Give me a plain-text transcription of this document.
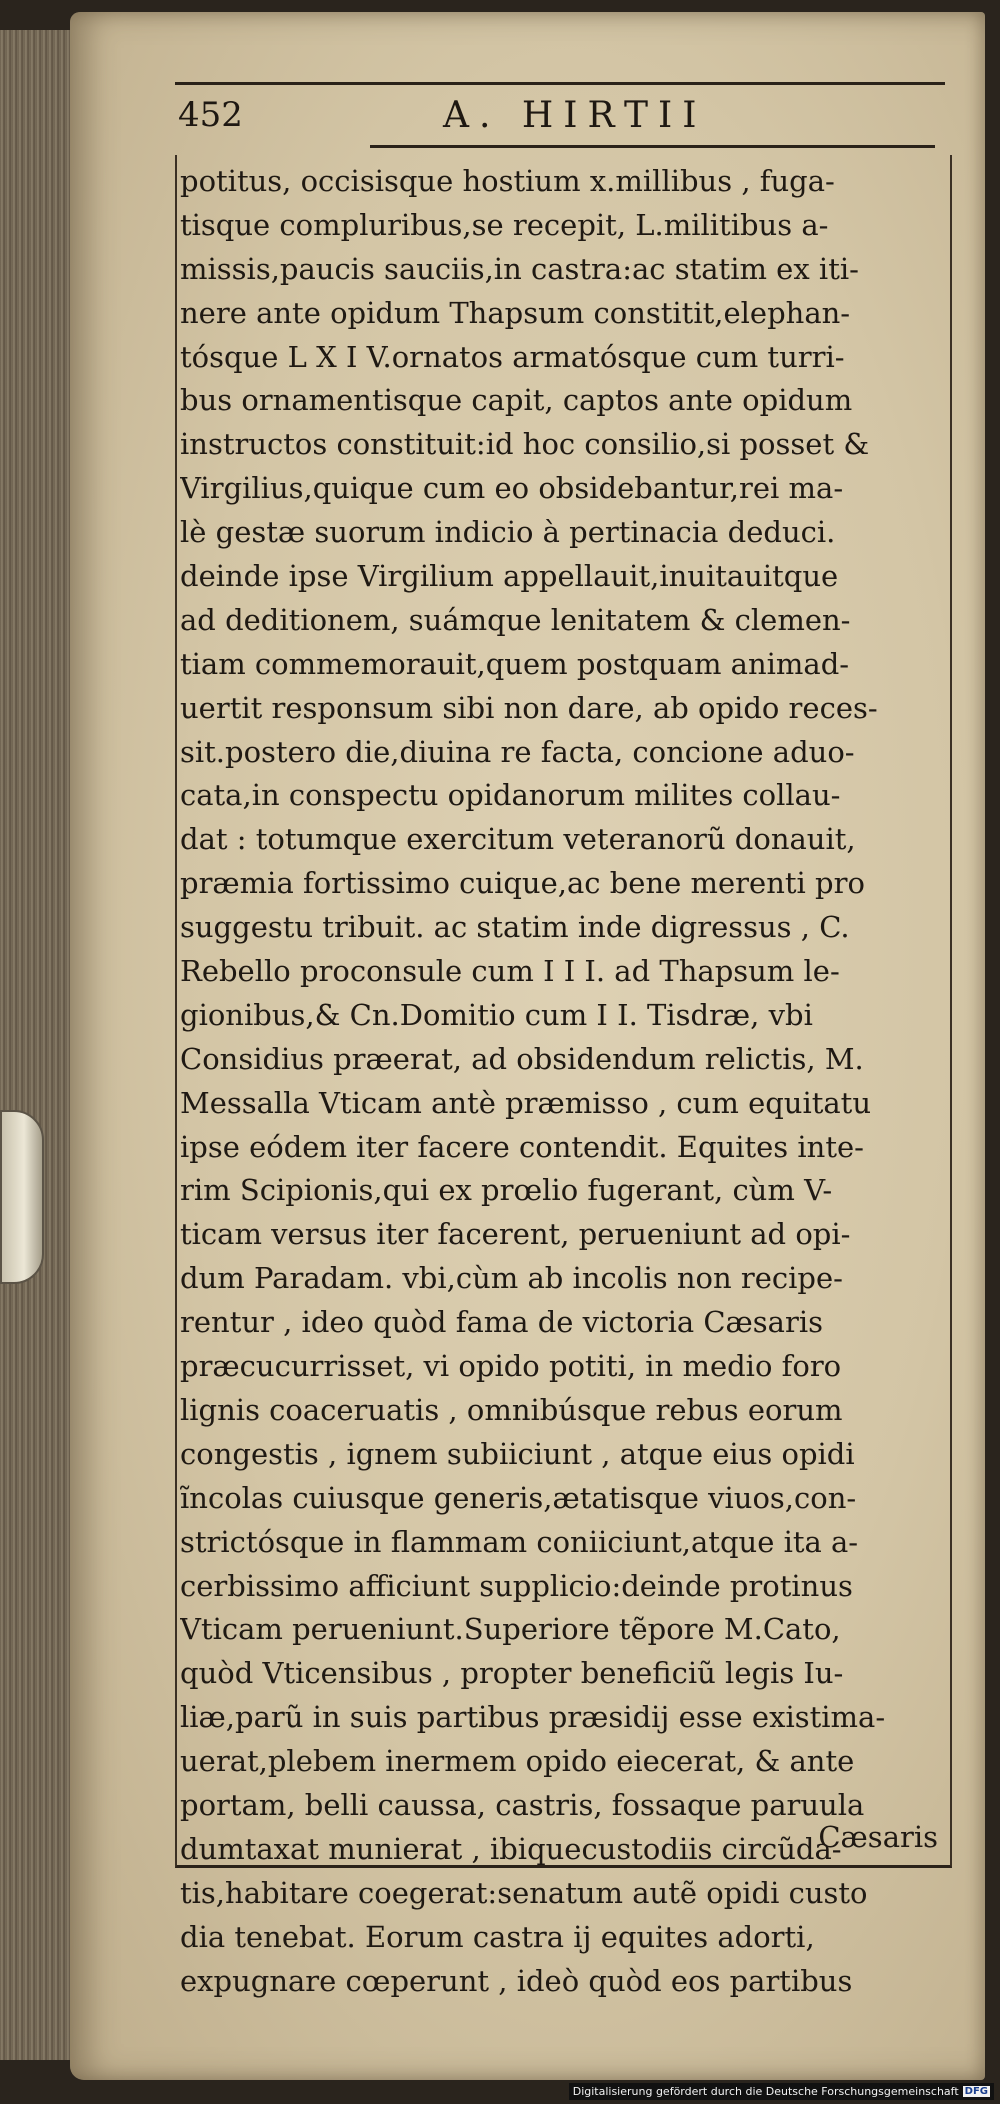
452	A. HIRTII
potitus, occisisque hostium x.millibus , fuga-
tisque compluribus,se recepit, L.militibus a-
missis,paucis sauciis,in castra:ac statim ex iti-
nere ante opidum Thapsum constitit,elephan-
tósque L X I V.ornatos armatósque cum turri-
bus ornamentisque capit, captos ante opidum
instructos constituit:id hoc consilio,si posset &
Virgilius,quique cum eo obsidebantur,rei ma-
lè gestæ suorum indicio à pertinacia deduci.
deinde ipse Virgilium appellauit,inuitauitque
ad deditionem, suámque lenitatem & clemen-
tiam commemorauit,quem postquam animad-
uertit responsum sibi non dare, ab opido reces-
sit.postero die,diuina re facta, concione aduo-
cata,in conspectu opidanorum milites collau-
dat : totumque exercitum veteranorũ donauit,
præmia fortissimo cuique,ac bene merenti pro
suggestu tribuit. ac statim inde digressus , C.
Rebello proconsule cum I I I. ad Thapsum le-
gionibus,& Cn.Domitio cum I I. Tisdræ, vbi
Considius præerat, ad obsidendum relictis, M.
Messalla Vticam antè præmisso , cum equitatu
ipse eódem iter facere contendit. Equites inte-
rim Scipionis,qui ex prœlio fugerant, cùm V-
ticam versus iter facerent, perueniunt ad opi-
dum Paradam. vbi,cùm ab incolis non recipe-
rentur , ideo quòd fama de victoria Cæsaris
præcucurrisset, vi opido potiti, in medio foro
lignis coaceruatis , omnibúsque rebus eorum
congestis , ignem subiiciunt , atque eius opidi
ĩncolas cuiusque generis,ætatisque viuos,con-
strictósque in flammam coniiciunt,atque ita a-
cerbissimo afficiunt supplicio:deinde protinus
Vticam perueniunt.Superiore tẽpore M.Cato,
quòd Vticensibus , propter beneficiũ legis Iu-
liæ,parũ in suis partibus præsidij esse existima-
uerat,plebem inermem opido eiecerat, & ante
portam, belli caussa, castris, fossaque paruula
dumtaxat munierat , ibiquecustodiis circũda-
tis,habitare coegerat:senatum autẽ opidi custo
dia tenebat. Eorum castra ij equites adorti,
expugnare cœperunt , ideò quòd eos partibus
Cæsaris
Digitalisierung gefördert durch die Deutsche Forschungsgemeinschaft DFG
